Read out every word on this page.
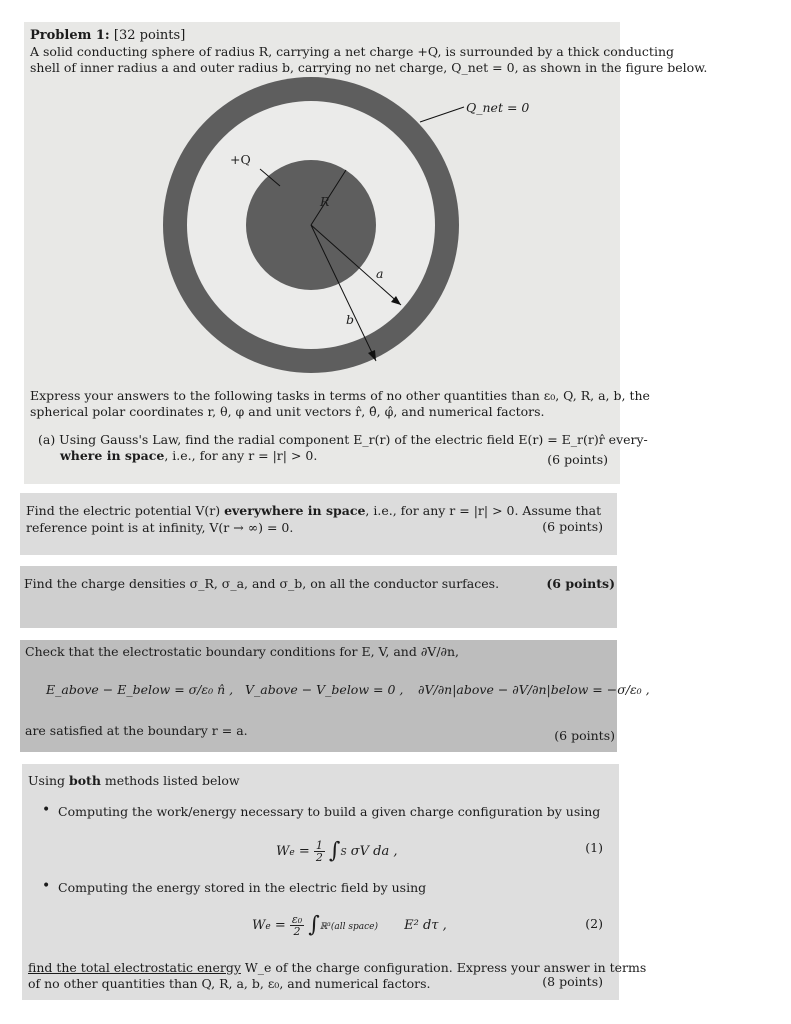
Problem 1: [32 points]
A solid conducting sphere of radius R, carrying a net charge +Q, is surrounded by a thick conducting
shell of inner radius a and outer radius b, carrying no net charge, Q_net = 0, as shown in the figure below.
Q_net = 0
+Q
R
a
b
Express your answers to the following tasks in terms of no other quantities than ε₀, Q, R, a, b, the
spherical polar coordinates r, θ, φ and unit vectors r̂, θ̂, φ̂, and numerical factors.
(a) Using Gauss's Law, find the radial component E_r(r) of the electric field E(r) = E_r(r)r̂ every-
where in space, i.e., for any r = |r| > 0.	(6 points)
Find the electric potential V(r) everywhere in space, i.e., for any r = |r| > 0. Assume that
reference point is at infinity, V(r → ∞) = 0.	(6 points)
Find the charge densities σ_R, σ_a, and σ_b, on all the conductor surfaces.	(6 points)
Check that the electrostatic boundary conditions for E, V, and ∂V/∂n,
E_above − E_below = σ/ε₀ n̂ , V_above − V_below = 0 , ∂V/∂n|above − ∂V/∂n|below = −σ/ε₀ ,
are satisfied at the boundary r = a.	(6 points)
Using both methods listed below
• Computing the work/energy necessary to build a given charge configuration by using
$We = \frac{1}{2} \int S$ σV da ,	(1)
• Computing the energy stored in the electric field by using
$We = \frac{\text{ε₀}}{2}$ ∫ℝ³(all space) E² dτ ,	(2)
find the total electrostatic energy W_e of the charge configuration. Express your answer in terms
of no other quantities than Q, R, a, b, ε₀, and numerical factors.	(8 points)
